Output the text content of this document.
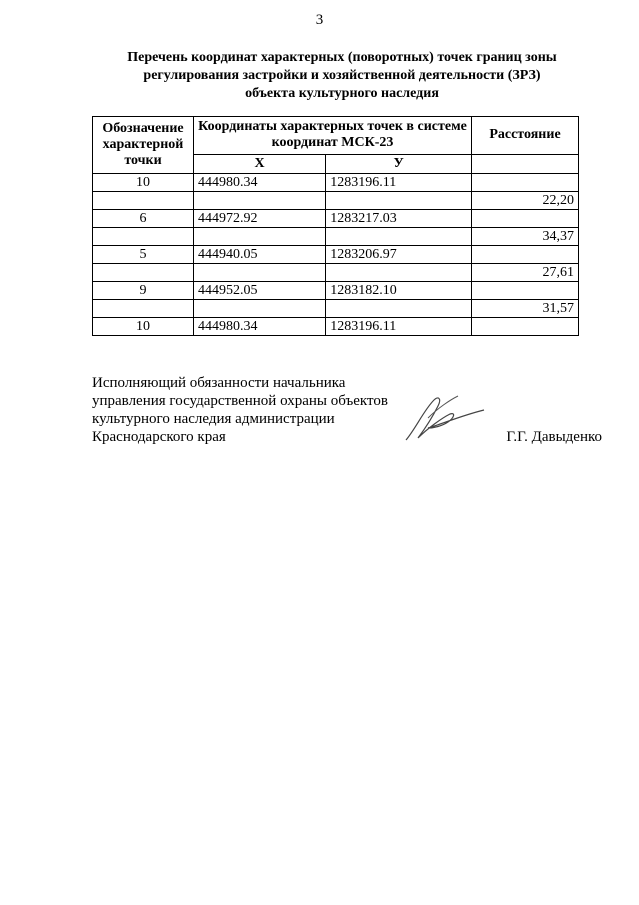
3
Перечень координат характерных (поворотных) точек границ зоны
регулирования застройки и хозяйственной деятельности (ЗРЗ)
объекта культурного наследия
Обозначение характерной точки	Координаты характерных точек в системе координат МСК-23		Расстояние
	Х	У	
10	444980.34	1283196.11	
			22,20
6	444972.92	1283217.03	
			34,37
5	444940.05	1283206.97	
			27,61
9	444952.05	1283182.10	
			31,57
10	444980.34	1283196.11	
Исполняющий обязанности начальника
управления государственной охраны объектов
культурного наследия администрации
Краснодарского края	Г.Г. Давыденко
